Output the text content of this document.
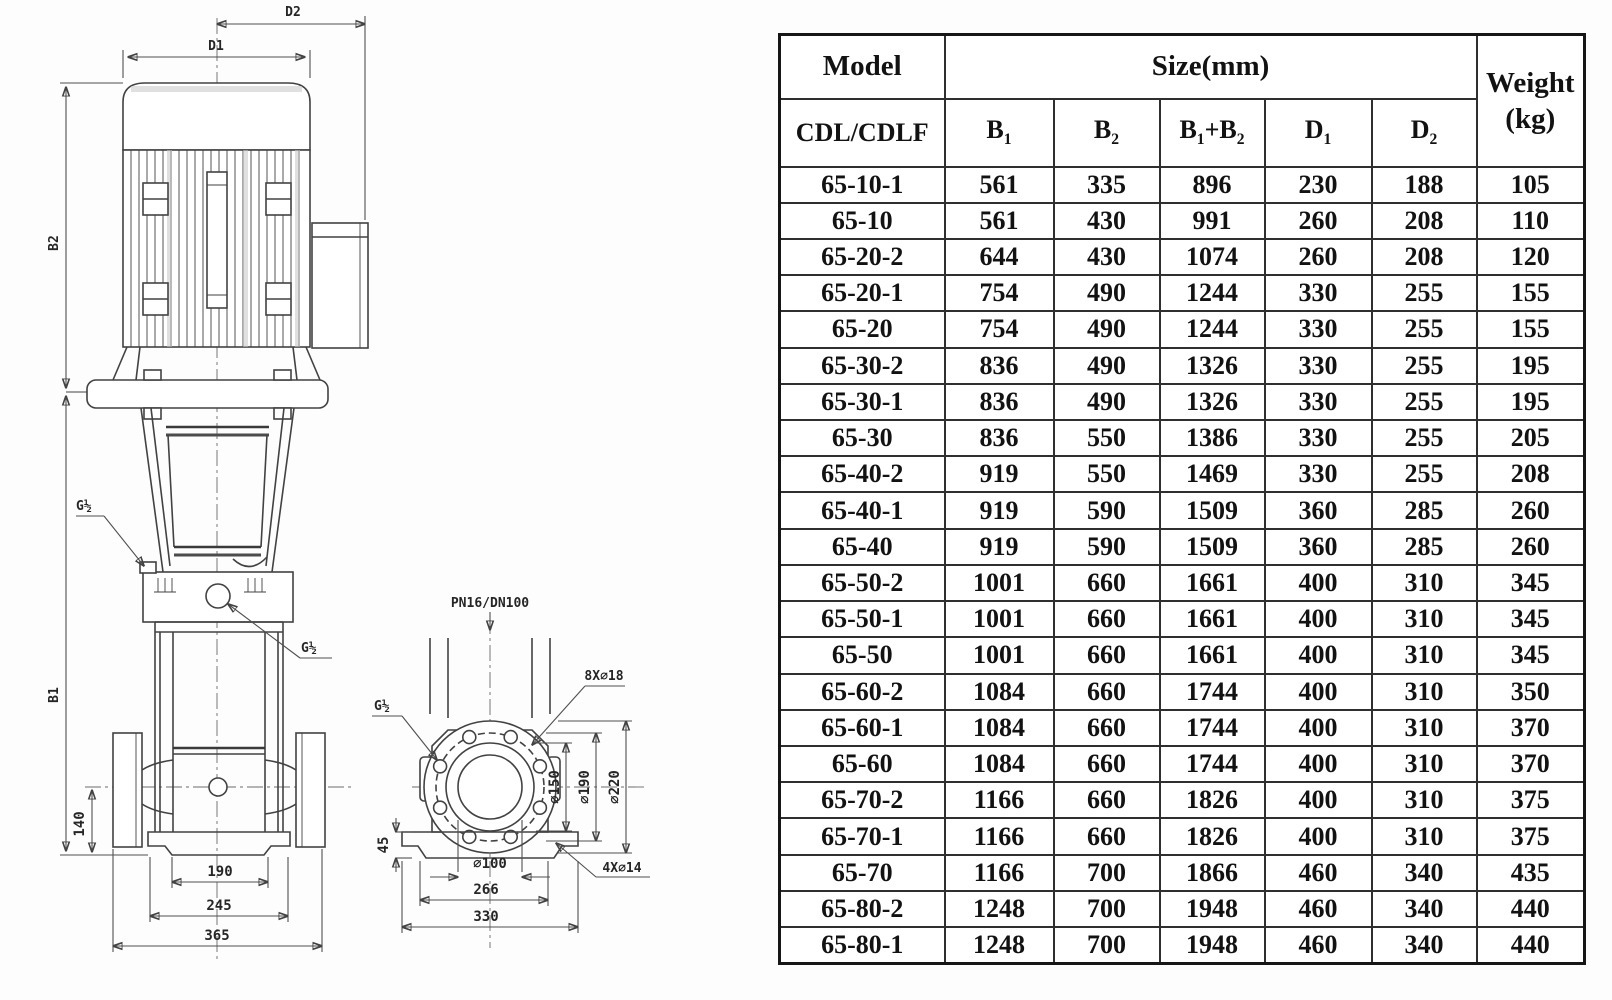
G½
G½
D1
D2
B2
B1
140
190
245
365
PN16/DN100
8X∅18
G½
∅150 ∅190 ∅220
∅100
266
330
45
4X∅14
Model	Size(mm)					Weight
(kg)

CDL/CDLF	$B_1$	$B_2$	$B_1+B_2$	$D_1$	$D_2$
65-10-1	561	335	896	230	188	105
65-10	561	430	991	260	208	110
65-20-2	644	430	1074	260	208	120
65-20-1	754	490	1244	330	255	155
65-20	754	490	1244	330	255	155
65-30-2	836	490	1326	330	255	195
65-30-1	836	490	1326	330	255	195
65-30	836	550	1386	330	255	205
65-40-2	919	550	1469	330	255	208
65-40-1	919	590	1509	360	285	260
65-40	919	590	1509	360	285	260
65-50-2	1001	660	1661	400	310	345
65-50-1	1001	660	1661	400	310	345
65-50	1001	660	1661	400	310	345
65-60-2	1084	660	1744	400	310	350
65-60-1	1084	660	1744	400	310	370
65-60	1084	660	1744	400	310	370
65-70-2	1166	660	1826	400	310	375
65-70-1	1166	660	1826	400	310	375
65-70	1166	700	1866	460	340	435
65-80-2	1248	700	1948	460	340	440
65-80-1	1248	700	1948	460	340	440
